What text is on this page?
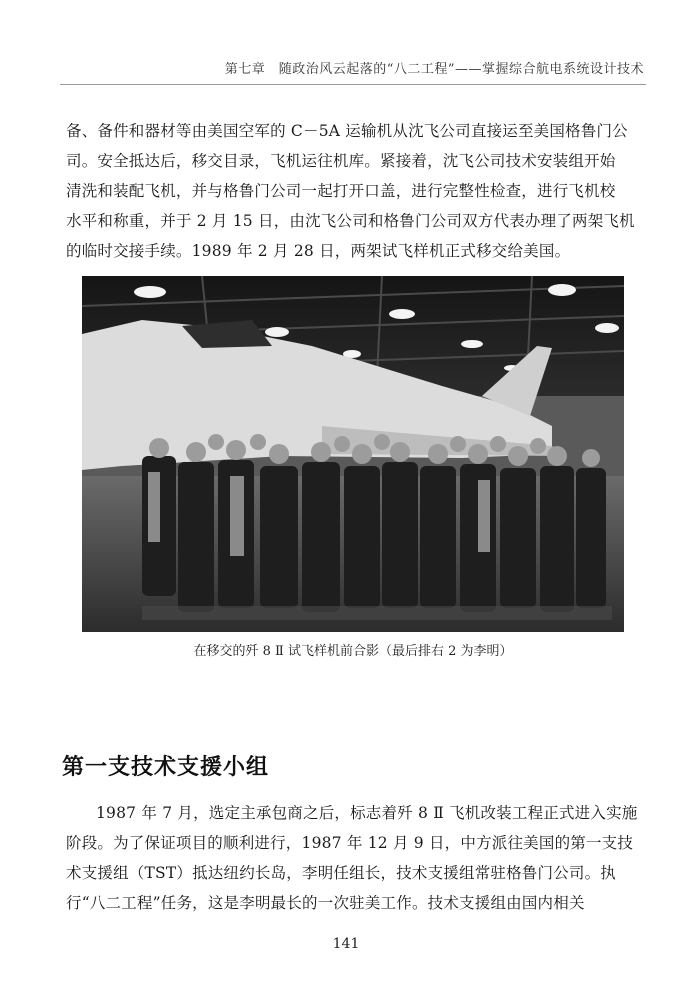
第七章　随政治风云起落的“八二工程”——掌握综合航电系统设计技术

备、备件和器材等由美国空军的 C－5A 运输机从沈飞公司直接运至美国格鲁门公
司。安全抵达后，移交目录，飞机运往机库。紧接着，沈飞公司技术安装组开始
清洗和装配飞机，并与格鲁门公司一起打开口盖，进行完整性检查，进行飞机校
水平和称重，并于 2 月 15 日，由沈飞公司和格鲁门公司双方代表办理了两架飞机
的临时交接手续。1989 年 2 月 28 日，两架试飞样机正式移交给美国。

在移交的歼 8 Ⅱ 试飞样机前合影（最后排右 2 为李明）
第一支技术支援小组

1987 年 7 月，选定主承包商之后，标志着歼 8 Ⅱ 飞机改装工程正式进入实施
阶段。为了保证项目的顺利进行，1987 年 12 月 9 日，中方派往美国的第一支技
术支援组（TST）抵达纽约长岛，李明任组长，技术支援组常驻格鲁门公司。执
行“八二工程”任务，这是李明最长的一次驻美工作。技术支援组由国内相关

141
